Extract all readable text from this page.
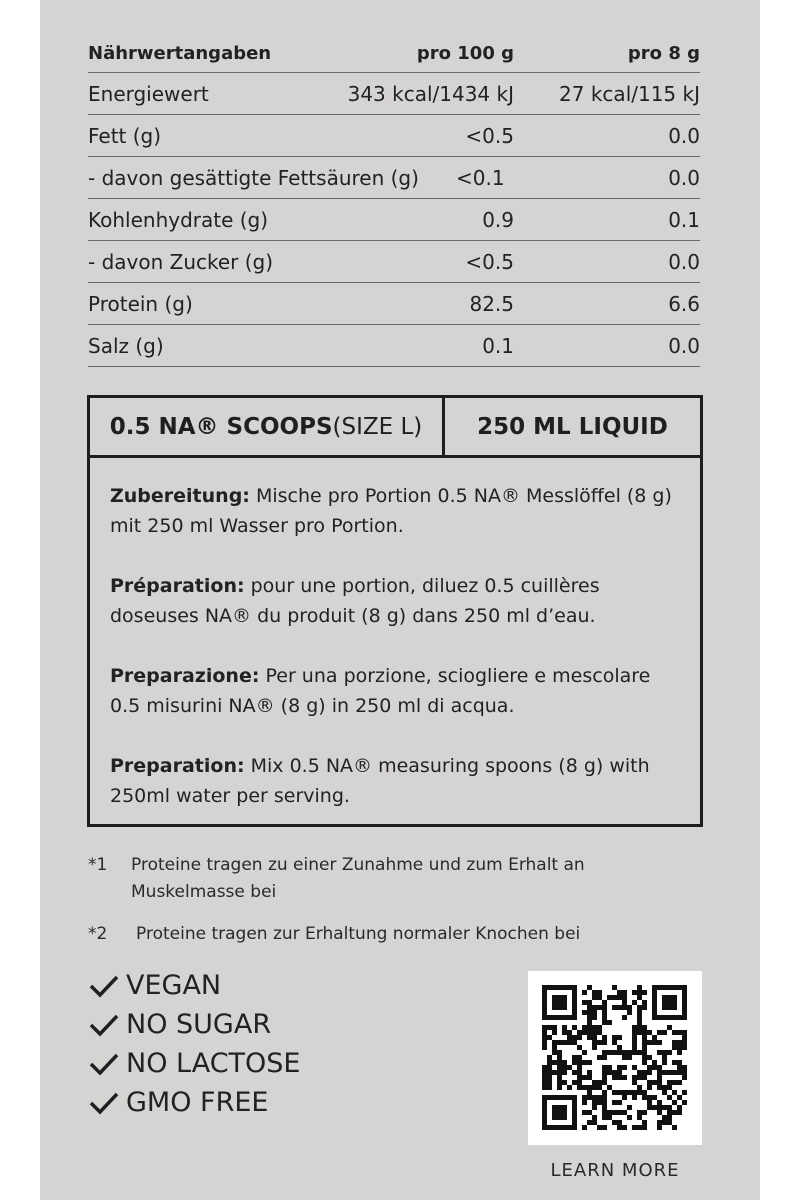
Nährwertangaben	pro 100 g	pro 8 g
Energiewert	343 kcal/1434 kJ	27 kcal/115 kJ
Fett (g)	<0.5	0.0
- davon gesättigte Fettsäuren (g)	<0.1	0.0
Kohlenhydrate (g)	0.9	0.1
- davon Zucker (g)	<0.5	0.0
Protein (g)	82.5	6.6
Salz (g)	0.1	0.0
0.5 NA® SCOOPS (SIZE L)	250 ML LIQUID

Zubereitung: Mische pro Portion 0.5 NA® Messlöffel (8 g) mit 250 ml Wasser pro Portion.

Préparation: pour une portion, diluez 0.5 cuillères doseuses NA® du produit (8 g) dans 250 ml d’eau.

Preparazione: Per una porzione, sciogliere e mescolare 0.5 misurini NA® (8 g) in 250 ml di acqua.

Preparation: Mix 0.5 NA® measuring spoons (8 g) with 250ml water per serving.

*1	Proteine tragen zu einer Zunahme und zum Erhalt an Muskelmasse bei
*2	Proteine tragen zur Erhaltung normaler Knochen bei
VEGAN
NO SUGAR
NO LACTOSE
GMO FREE
LEARN MORE
